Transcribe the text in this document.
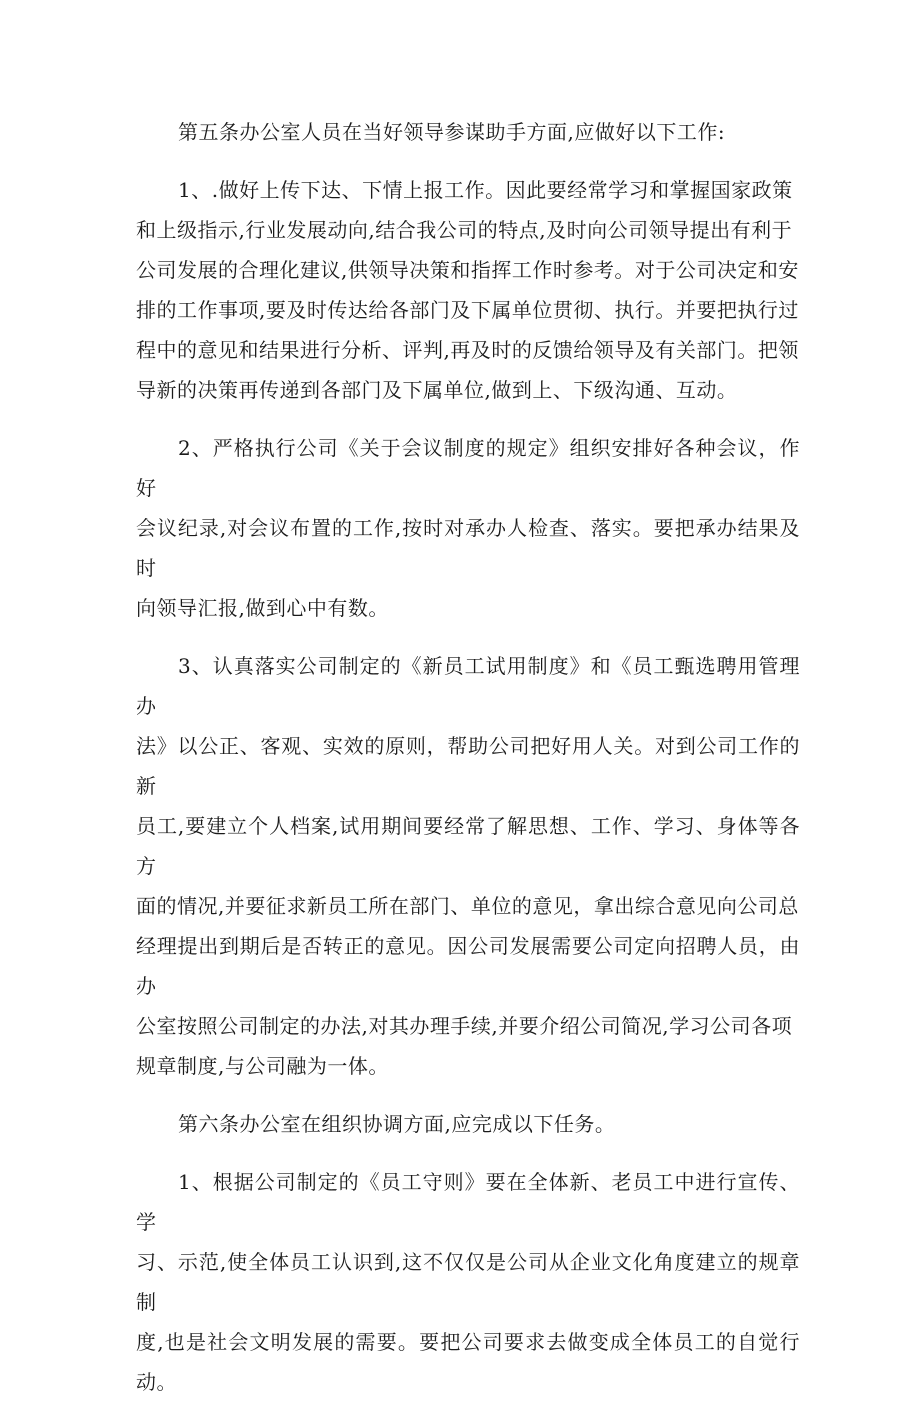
第五条办公室人员在当好领导参谋助手方面,应做好以下工作:

1、.做好上传下达、下情上报工作。因此要经常学习和掌握国家政策
和上级指示,行业发展动向,结合我公司的特点,及时向公司领导提出有利于
公司发展的合理化建议,供领导决策和指挥工作时参考。对于公司决定和安
排的工作事项,要及时传达给各部门及下属单位贯彻、执行。并要把执行过
程中的意见和结果进行分析、评判,再及时的反馈给领导及有关部门。把领
导新的决策再传递到各部门及下属单位,做到上、下级沟通、互动。

2、严格执行公司《关于会议制度的规定》组织安排好各种会议，作好
会议纪录,对会议布置的工作,按时对承办人检查、落实。要把承办结果及时
向领导汇报,做到心中有数。

3、认真落实公司制定的《新员工试用制度》和《员工甄选聘用管理办
法》以公正、客观、实效的原则，帮助公司把好用人关。对到公司工作的新
员工,要建立个人档案,试用期间要经常了解思想、工作、学习、身体等各方
面的情况,并要征求新员工所在部门、单位的意见，拿出综合意见向公司总
经理提出到期后是否转正的意见。因公司发展需要公司定向招聘人员，由办
公室按照公司制定的办法,对其办理手续,并要介绍公司简况,学习公司各项
规章制度,与公司融为一体。

第六条办公室在组织协调方面,应完成以下任务。

1、根据公司制定的《员工守则》要在全体新、老员工中进行宣传、学
习、示范,使全体员工认识到,这不仅仅是公司从企业文化角度建立的规章制
度,也是社会文明发展的需要。要把公司要求去做变成全体员工的自觉行动。
